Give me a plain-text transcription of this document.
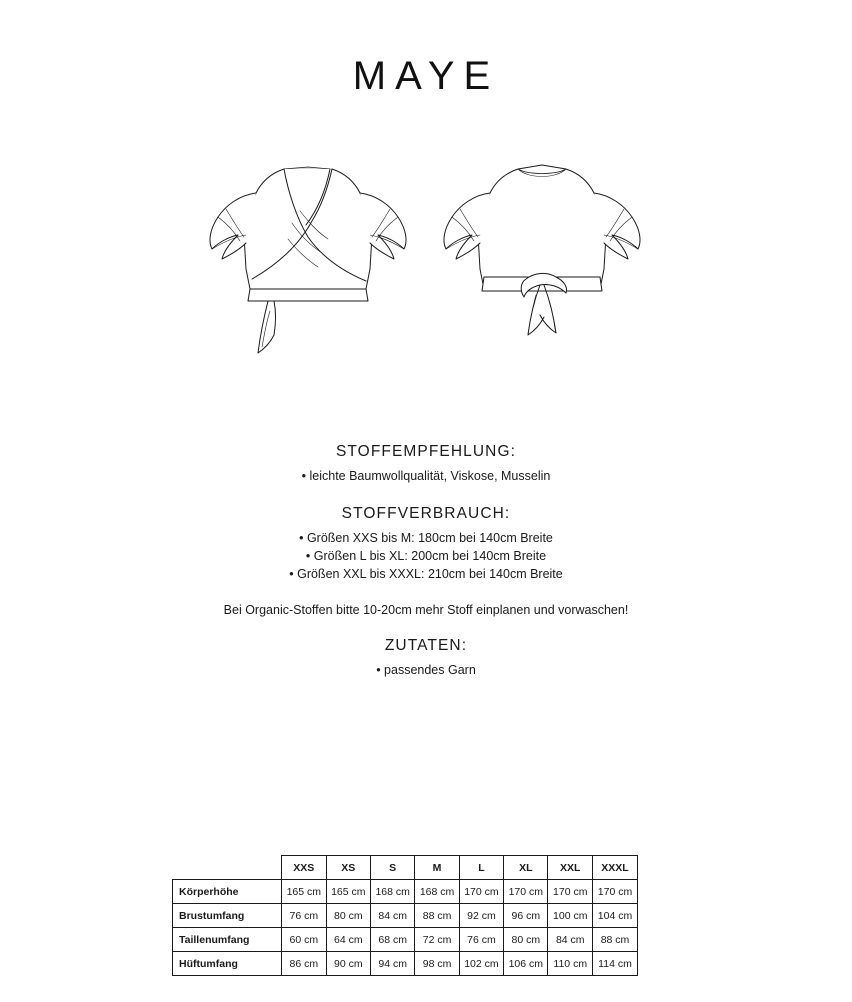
MAYE
STOFFEMPFEHLUNG:

• leichte Baumwollqualität, Viskose, Musselin

STOFFVERBRAUCH:

• Größen XXS bis M: 180cm bei 140cm Breite

• Größen L bis XL: 200cm bei 140cm Breite

• Größen XXL bis XXXL: 210cm bei 140cm Breite

Bei Organic-Stoffen bitte 10-20cm mehr Stoff einplanen und vorwaschen!

ZUTATEN:

• passendes Garn

	XXS	XS	S	M	L	XL	XXL	XXXL
Körperhöhe	165 cm	165 cm	168 cm	168 cm	170 cm	170 cm	170 cm	170 cm
Brustumfang	76 cm	80 cm	84 cm	88 cm	92 cm	96 cm	100 cm	104 cm
Taillenumfang	60 cm	64 cm	68 cm	72 cm	76 cm	80 cm	84 cm	88 cm
Hüftumfang	86 cm	90 cm	94 cm	98 cm	102 cm	106 cm	110 cm	114 cm
